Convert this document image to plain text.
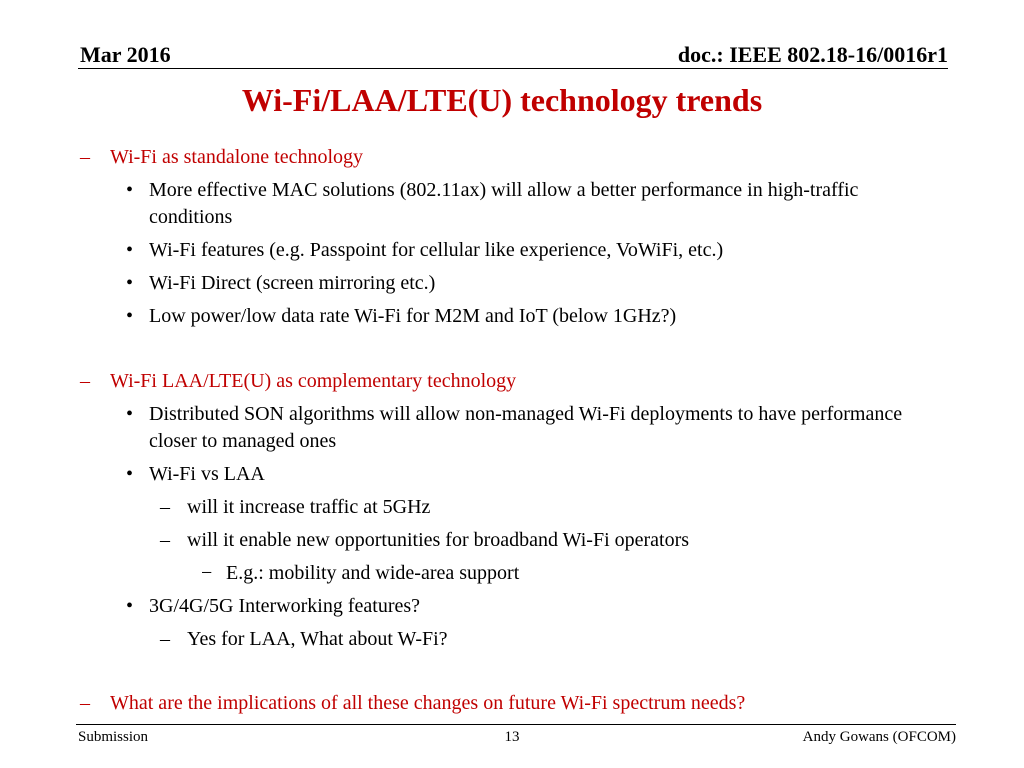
Mar 2016	doc.: IEEE 802.18-16/0016r1
Wi-Fi/LAA/LTE(U) technology trends
– Wi-Fi as standalone technology
• More effective MAC solutions (802.11ax) will allow a better performance in high-traffic
conditions
• Wi-Fi features (e.g. Passpoint for cellular like experience, VoWiFi, etc.)
• Wi-Fi Direct (screen mirroring etc.)
• Low power/low data rate Wi-Fi for M2M and IoT (below 1GHz?)
– Wi-Fi LAA/LTE(U) as complementary technology
• Distributed SON algorithms will allow non-managed Wi-Fi deployments to have performance
closer to managed ones
• Wi-Fi vs LAA
– will it increase traffic at 5GHz
– will it enable new opportunities for broadband Wi-Fi operators
− E.g.: mobility and wide-area support
• 3G/4G/5G Interworking features?
– Yes for LAA, What about W-Fi?
– What are the implications of all these changes on future Wi-Fi spectrum needs?
Submission	13	Andy Gowans (OFCOM)
